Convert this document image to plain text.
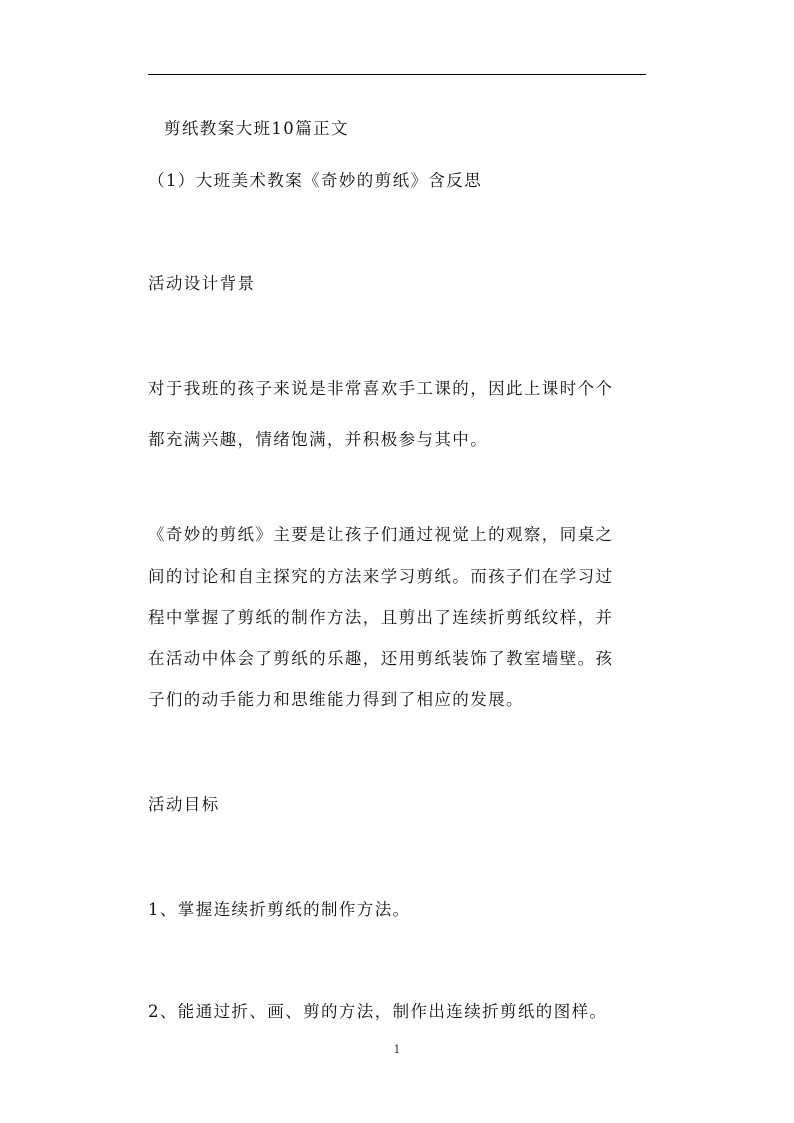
剪纸教案大班10篇正文
（1）大班美术教案《奇妙的剪纸》含反思
活动设计背景
对于我班的孩子来说是非常喜欢手工课的，因此上课时个个
都充满兴趣，情绪饱满，并积极参与其中。
《奇妙的剪纸》主要是让孩子们通过视觉上的观察，同桌之
间的讨论和自主探究的方法来学习剪纸。而孩子们在学习过
程中掌握了剪纸的制作方法，且剪出了连续折剪纸纹样，并
在活动中体会了剪纸的乐趣，还用剪纸装饰了教室墙壁。孩
子们的动手能力和思维能力得到了相应的发展。
活动目标
1、掌握连续折剪纸的制作方法。
2、能通过折、画、剪的方法，制作出连续折剪纸的图样。
1
